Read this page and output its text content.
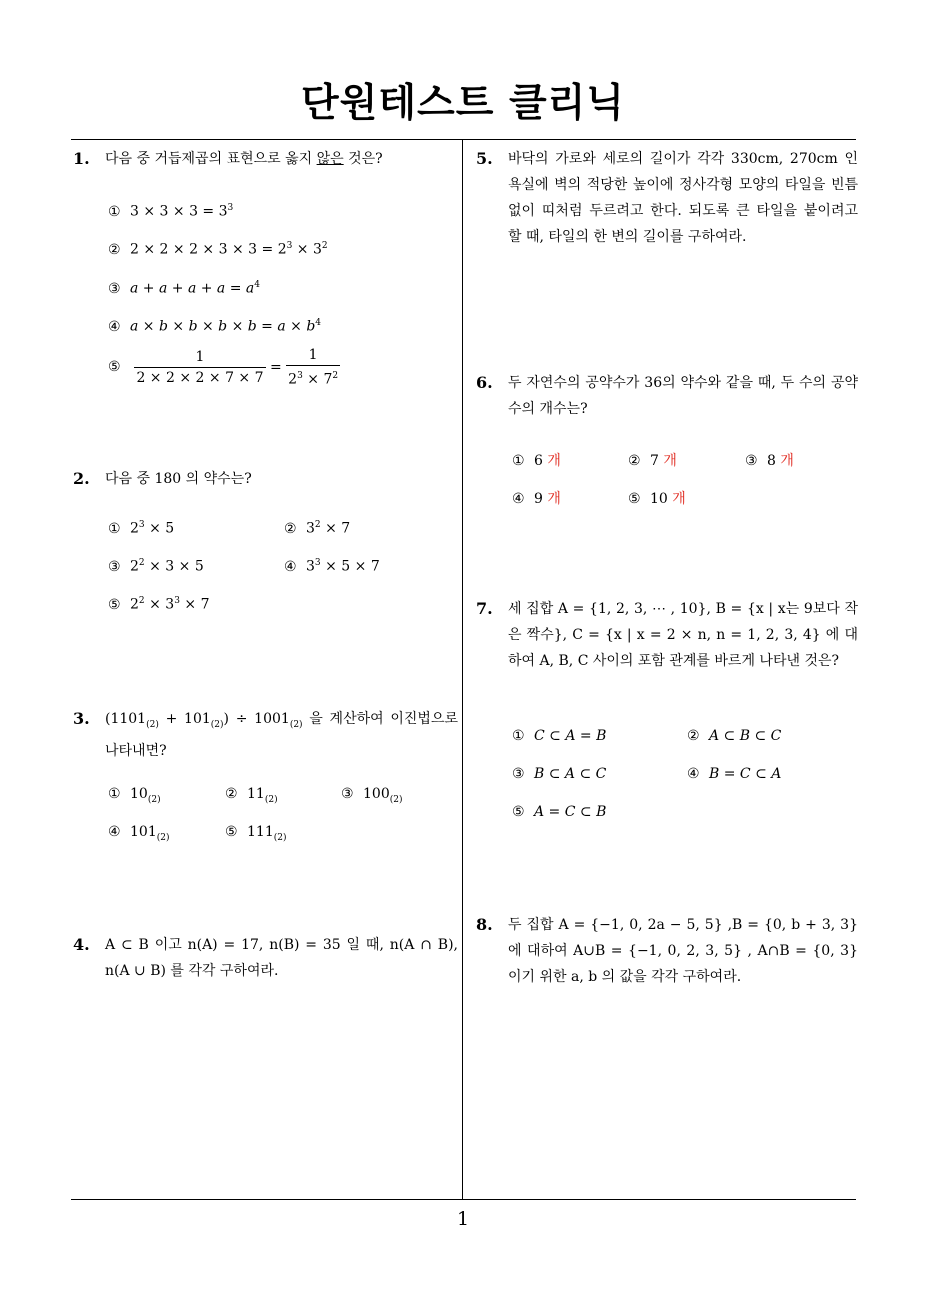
단원테스트 클리닉
1
1. 다음 중 거듭제곱의 표현으로 옳지 않은 것은?
① $3 \times 3 \times 3 = 3^3$
② $2 \times 2 \times 2 \times 3 \times 3 = 2^3 \times 3^2$
③ $a + a + a + a = a^4$
④ $a \times b \times b \times b \times b = a \times b^4$
⑤ $\frac{1}{2 \times 2 \times 2 \times 7 \times 7} = \frac{1}{2^3 \times 7^2}$
2. 다음 중 180 의 약수는?
① $2^3 \times 5$	② $3^2 \times 7$
③ $2^2 \times 3 \times 5$	④ $3^3 \times 5 \times 7$
⑤ $2^2 \times 3^3 \times 7$
3. $(1101_{(2)} + 101_{(2)}) \div 1001_{(2)}$ 을 계산하여 이진법으로 나타내면?
① $10_{(2)}$	② $11_{(2)}$	③ $100_{(2)}$
④ $101_{(2)}$	⑤ $111_{(2)}$
4. A ⊂ B 이고 n(A) = 17, n(B) = 35 일 때, n(A ∩ B), n(A ∪ B) 를 각각 구하여라.
5. 바닥의 가로와 세로의 길이가 각각 330cm, 270cm 인 욕실에 벽의 적당한 높이에 정사각형 모양의 타일을 빈틈없이 띠처럼 두르려고 한다. 되도록 큰 타일을 붙이려고 할 때, 타일의 한 변의 길이를 구하여라.
6. 두 자연수의 공약수가 36의 약수와 같을 때, 두 수의 공약수의 개수는?
① 6 개	② 7 개	③ 8 개
④ 9 개	⑤ 10 개
7. 세 집합 A = {1, 2, 3, ⋯ , 10}, B = {x | x는 9보다 작은 짝수}, C = {x | x = 2 × n, n = 1, 2, 3, 4} 에 대하여 A, B, C 사이의 포함 관계를 바르게 나타낸 것은?
① C ⊂ A = B	② A ⊂ B ⊂ C
③ B ⊂ A ⊂ C	④ B = C ⊂ A
⑤ A = C ⊂ B
8. 두 집합 A = {−1, 0, 2a − 5, 5} ,B = {0, b + 3, 3} 에 대하여 A∪B = {−1, 0, 2, 3, 5} , A∩B = {0, 3} 이기 위한 a, b 의 값을 각각 구하여라.
